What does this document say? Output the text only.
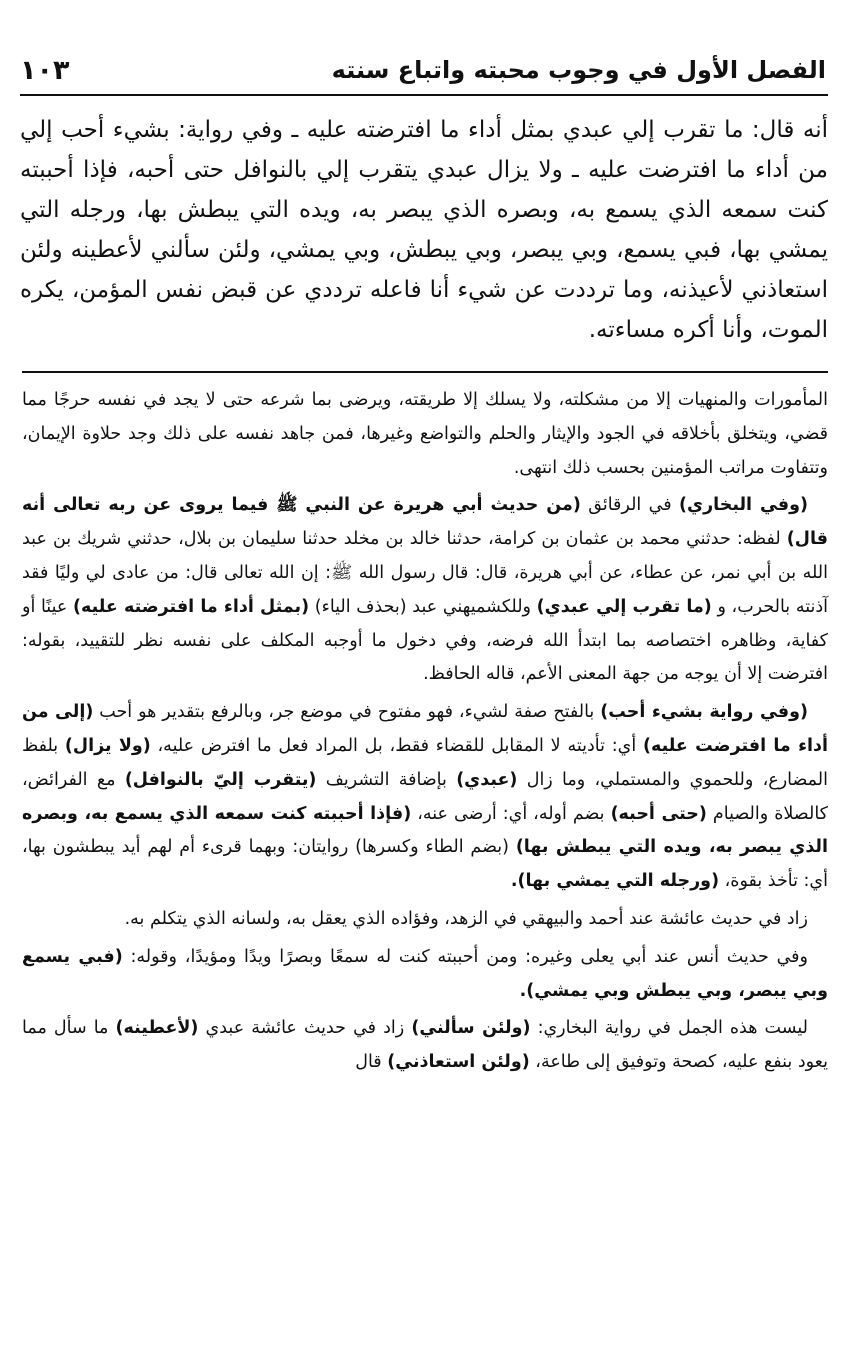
الفصل الأول في وجوب محبته واتباع سنته
١٠٣

أنه قال: ما تقرب إلي عبدي بمثل أداء ما افترضته عليه ـ وفي رواية: بشيء أحب إلي من أداء ما افترضت عليه ـ ولا يزال عبدي يتقرب إلي بالنوافل حتى أحبه، فإذا أحببته كنت سمعه الذي يسمع به، وبصره الذي يبصر به، ويده التي يبطش بها، ورجله التي يمشي بها، فبي يسمع، وبي يبصر، وبي يبطش، وبي يمشي، ولئن سألني لأعطينه ولئن استعاذني لأعيذنه، وما ترددت عن شيء أنا فاعله ترددي عن قبض نفس المؤمن، يكره الموت، وأنا أكره مساءته.

المأمورات والمنهيات إلا من مشكلته، ولا يسلك إلا طريقته، ويرضى بما شرعه حتى لا يجد في نفسه حرجًا مما قضي، ويتخلق بأخلاقه في الجود والإيثار والحلم والتواضع وغيرها، فمن جاهد نفسه على ذلك وجد حلاوة الإيمان، وتتفاوت مراتب المؤمنين بحسب ذلك انتهى.

(وفي البخاري) في الرقائق (من حديث أبي هريرة عن النبي ﷺ فيما يروى عن ربه تعالى أنه قال) لفظه: حدثني محمد بن عثمان بن كرامة، حدثنا خالد بن مخلد حدثنا سليمان بن بلال، حدثني شريك بن عبد الله بن أبي نمر، عن عطاء، عن أبي هريرة، قال: قال رسول الله ﷺ: إن الله تعالى قال: من عادى لي وليًا فقد آذنته بالحرب، و (ما تقرب إلي عبدي) وللكشميهني عبد (بحذف الياء) (بمثل أداء ما افترضته عليه) عينًا أو كفاية، وظاهره اختصاصه بما ابتدأ الله فرضه، وفي دخول ما أوجبه المكلف على نفسه نظر للتقييد، بقوله: افترضت إلا أن يوجه من جهة المعنى الأعم، قاله الحافظ.

(وفي رواية بشيء أحب) بالفتح صفة لشيء، فهو مفتوح في موضع جر، وبالرفع بتقدير هو أحب (إلى من أداء ما افترضت عليه) أي: تأديته لا المقابل للقضاء فقط، بل المراد فعل ما افترض عليه، (ولا يزال) بلفظ المضارع، وللحموي والمستملي، وما زال (عبدي) بإضافة التشريف (يتقرب إليّ بالنوافل) مع الفرائض، كالصلاة والصيام (حتى أحبه) بضم أوله، أي: أرضى عنه، (فإذا أحببته كنت سمعه الذي يسمع به، وبصره الذي يبصر به، ويده التي يبطش بها) (بضم الطاء وكسرها) روايتان: وبهما قرىء أم لهم أيد يبطشون بها، أي: تأخذ بقوة، (ورجله التي يمشي بها).

زاد في حديث عائشة عند أحمد والبيهقي في الزهد، وفؤاده الذي يعقل به، ولسانه الذي يتكلم به.

وفي حديث أنس عند أبي يعلى وغيره: ومن أحببته كنت له سمعًا وبصرًا ويدًا ومؤيدًا، وقوله: (فبي يسمع وبي يبصر، وبي يبطش وبي يمشي).

ليست هذه الجمل في رواية البخاري: (ولئن سألني) زاد في حديث عائشة عبدي (لأعطينه) ما سأل مما يعود بنفع عليه، كصحة وتوفيق إلى طاعة، (ولئن استعاذني) قال
